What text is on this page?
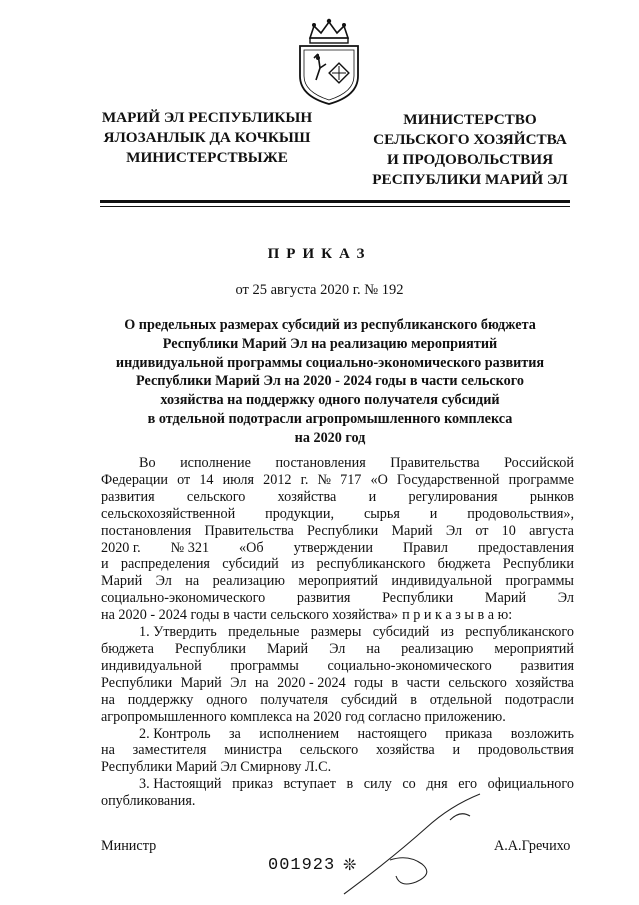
МАРИЙ ЭЛ РЕСПУБЛИКЫН
ЯЛОЗАНЛЫК ДА КОЧКЫШ
МИНИСТЕРСТВЫЖЕ
МИНИСТЕРСТВО
СЕЛЬСКОГО ХОЗЯЙСТВА
И ПРОДОВОЛЬСТВИЯ
РЕСПУБЛИКИ МАРИЙ ЭЛ
ПРИКАЗ
от 25 августа 2020 г. № 192
О предельных размерах субсидий из республиканского бюджета
Республики Марий Эл на реализацию мероприятий
индивидуальной программы социально-экономического развития
Республики Марий Эл на 2020 - 2024 годы в части сельского
хозяйства на поддержку одного получателя субсидий
в отдельной подотрасли агропромышленного комплекса
на 2020 год
Во исполнение постановления Правительства Российской
Федерации от 14 июля 2012 г. № 717 «О Государственной программе
развития сельского хозяйства и регулирования рынков
сельскохозяйственной продукции, сырья и продовольствия»,
постановления Правительства Республики Марий Эл от 10 августа
2020 г. № 321 «Об утверждении Правил предоставления
и распределения субсидий из республиканского бюджета Республики
Марий Эл на реализацию мероприятий индивидуальной программы
социально-экономического развития Республики Марий Эл
на 2020 - 2024 годы в части сельского хозяйства» п р и к а з ы в а ю:
1. Утвердить предельные размеры субсидий из республиканского
бюджета Республики Марий Эл на реализацию мероприятий
индивидуальной программы социально-экономического развития
Республики Марий Эл на 2020 - 2024 годы в части сельского хозяйства
на поддержку одного получателя субсидий в отдельной подотрасли
агропромышленного комплекса на 2020 год согласно приложению.
2. Контроль за исполнением настоящего приказа возложить
на заместителя министра сельского хозяйства и продовольствия
Республики Марий Эл Смирнову Л.С.
3. Настоящий приказ вступает в силу со дня его официального
опубликования.
Министр	А.А.Гречихо
001923 ❊
